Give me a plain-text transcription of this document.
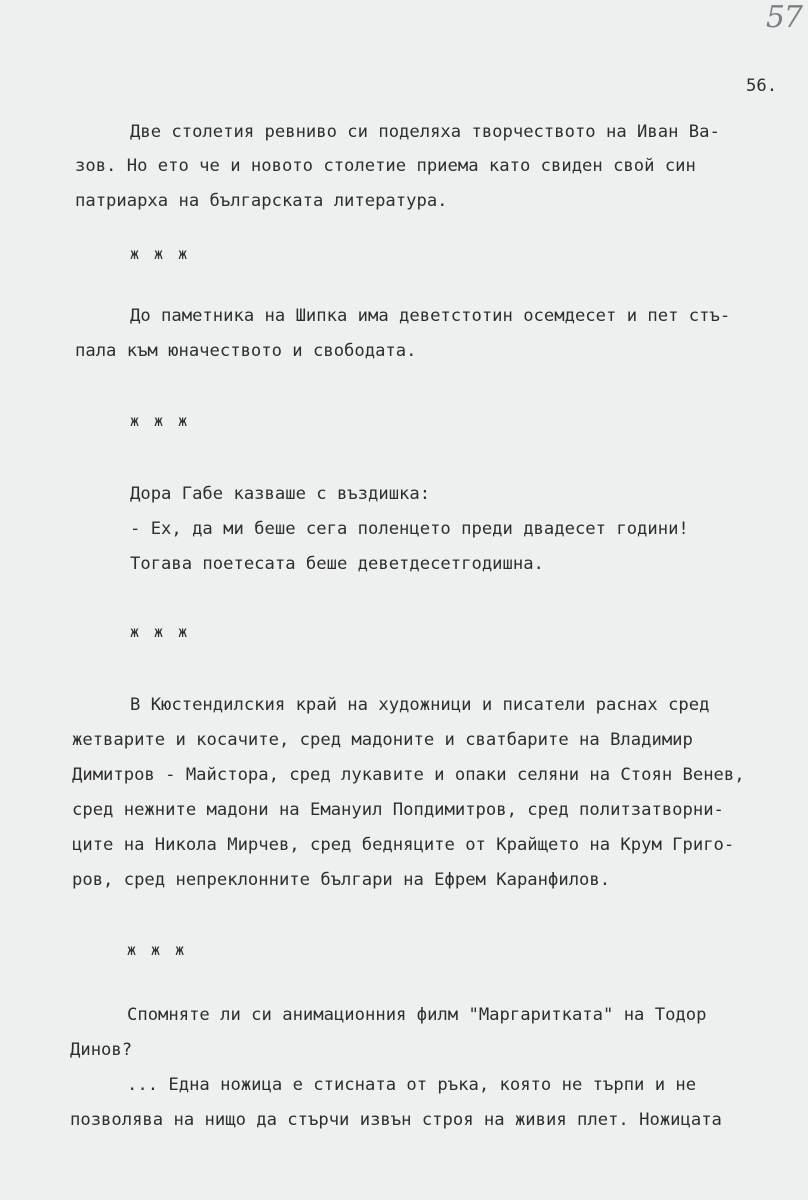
57
56.
Две столетия ревниво си поделяха творчеството на Иван Ва-
зов. Но ето че и новото столетие приема като свиден свой син
патриарха на българската литература.
ж ж ж
До паметника на Шипка има деветстотин осемдесет и пет стъ-
пала към юначеството и свободата.
ж ж ж
Дора Габе казваше с въздишка:
- Ех, да ми беше сега поленцето преди двадесет години!
Тогава поетесата беше деветдесетгодишна.
ж ж ж
В Кюстендилския край на художници и писатели раснах сред
жетварите и косачите, сред мадоните и сватбарите на Владимир
Димитров - Майстора, сред лукавите и опаки селяни на Стоян Венев,
сред нежните мадони на Емануил Попдимитров, сред политзатворни-
ците на Никола Мирчев, сред бедняците от Крайщето на Крум Григо-
ров, сред непреклонните българи на Ефрем Каранфилов.
ж ж ж
Спомняте ли си анимационния филм "Маргаритката" на Тодор
Динов?
... Една ножица е стисната от ръка, която не търпи и не
позволява на нищо да стърчи извън строя на живия плет. Ножицата
